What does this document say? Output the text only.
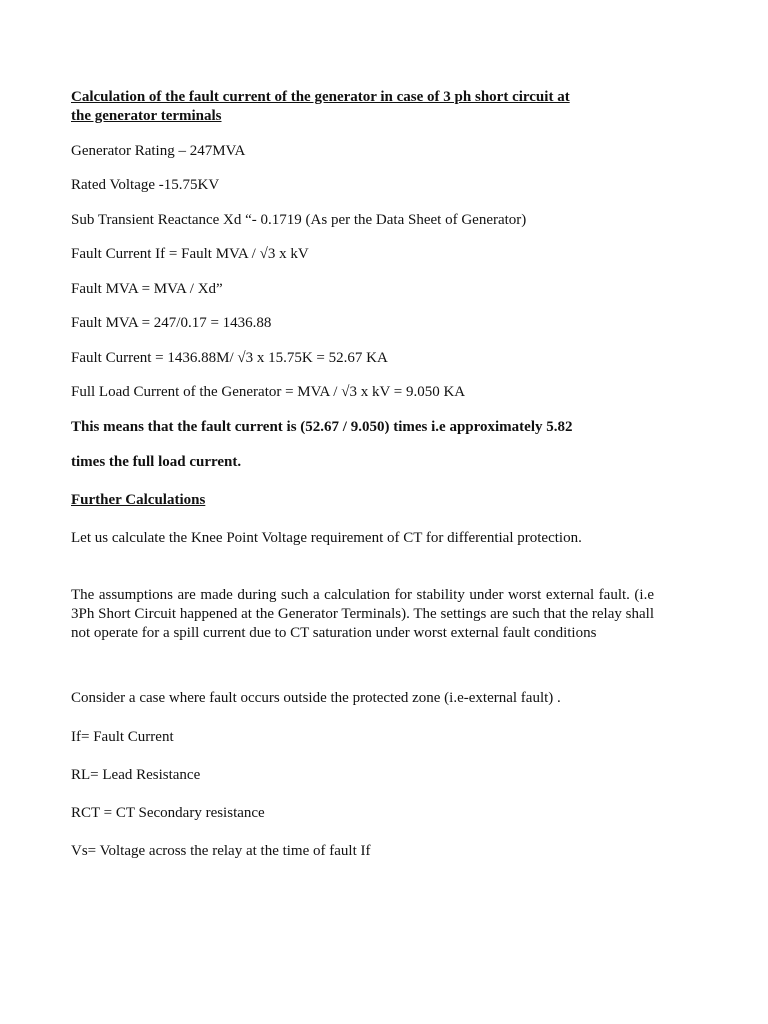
Calculation of the fault current of the generator in case of 3 ph short circuit at
the generator terminals
Generator Rating – 247MVA
Rated Voltage -15.75KV
Sub Transient Reactance Xd “- 0.1719 (As per the Data Sheet of Generator)
Fault Current If = Fault MVA / √3 x kV
Fault MVA = MVA / Xd”
Fault MVA = 247/0.17 = 1436.88
Fault Current = 1436.88M/ √3 x 15.75K = 52.67 KA
Full Load Current of the Generator = MVA / √3 x kV = 9.050 KA
This means that the fault current is (52.67 / 9.050) times i.e approximately 5.82
times the full load current.
Further Calculations
Let us calculate the Knee Point Voltage requirement of CT for differential protection.
The assumptions are made during such a calculation for stability under worst external fault. (i.e 3Ph Short Circuit happened at the Generator Terminals). The settings are such that the relay shall not operate for a spill current due to CT saturation under worst external fault conditions
Consider a case where fault occurs outside the protected zone (i.e-external fault) .
If= Fault Current
RL= Lead Resistance
RCT = CT Secondary resistance
Vs= Voltage across the relay at the time of fault If
